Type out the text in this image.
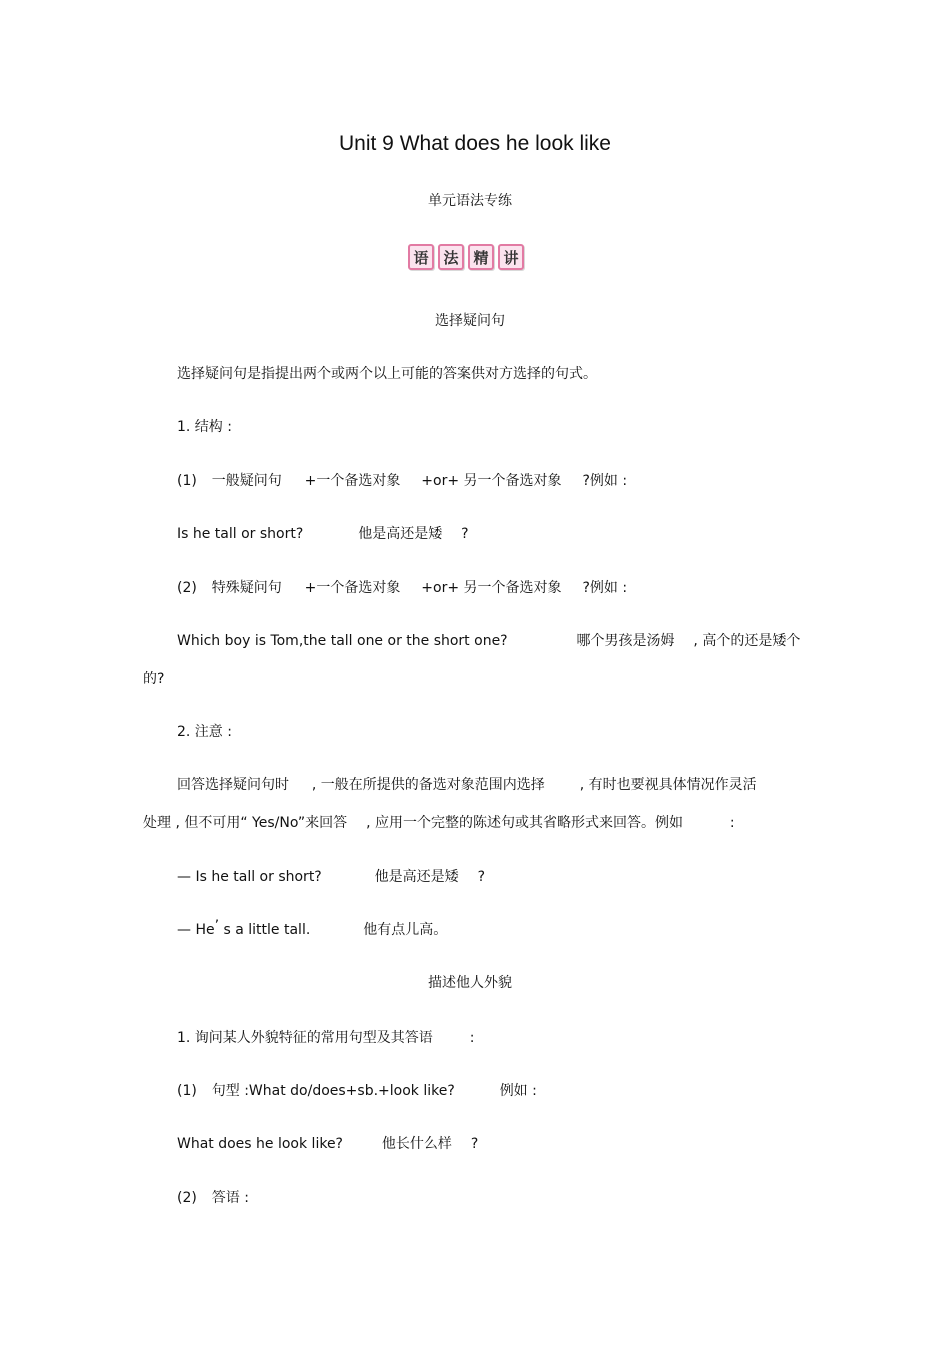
Unit 9 What does he look like
单元语法专练
语 法 精 讲
选择疑问句
选择疑问句是指提出两个或两个以上可能的答案供对方选择的句式。
1. 结构 :
(1) 一般疑问句 +一个备选对象 +or+ 另一个备选对象 ?例如 :
Is he tall or short?	他是高还是矮 ?
(2) 特殊疑问句 +一个备选对象 +or+ 另一个备选对象 ?例如 :
Which boy is Tom,the tall one or the short one?	哪个男孩是汤姆 , 高个的还是矮个
的?
2. 注意 :
回答选择疑问句时 , 一般在所提供的备选对象范围内选择 , 有时也要视具体情况作灵活
处理 , 但不可用“ Yes/No”来回答 , 应用一个完整的陈述句或其省略形式来回答。例如	:
— Is he tall or short?	他是高还是矮 ?
— He’ s a little tall.	他有点儿高。
描述他人外貌
1. 询问某人外貌特征的常用句型及其答语	:
(1) 句型 :What do/does+sb.+look like?	例如 :
What does he look like?	他长什么样 ?
(2) 答语 :
